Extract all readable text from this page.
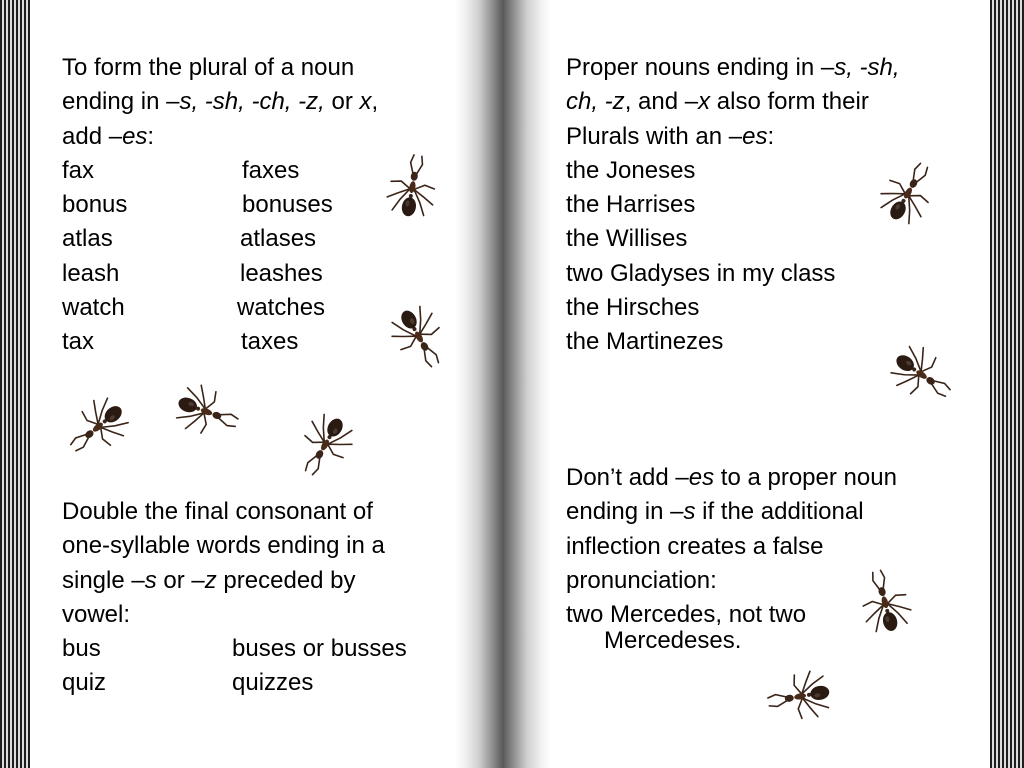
To form the plural of a noun

ending in –s, -sh, -ch, -z, or x,

add –es:

fax	faxes
bonus	bonuses
atlas	atlases
leash	leashes
watch	watches
tax	taxes

Double the final consonant of

one-syllable words ending in a

single –s or –z preceded by

vowel:

bus	buses or busses
quiz	quizzes

Proper nouns ending in –s, -sh,

ch, -z, and –x also form their

Plurals with an –es:

the Joneses

the Harrises

the Willises

two Gladyses in my class

the Hirsches

the Martinezes

Don’t add –es to a proper noun

ending in –s if the additional

inflection creates a false

pronunciation:

two Mercedes, not two

Mercedeses.
